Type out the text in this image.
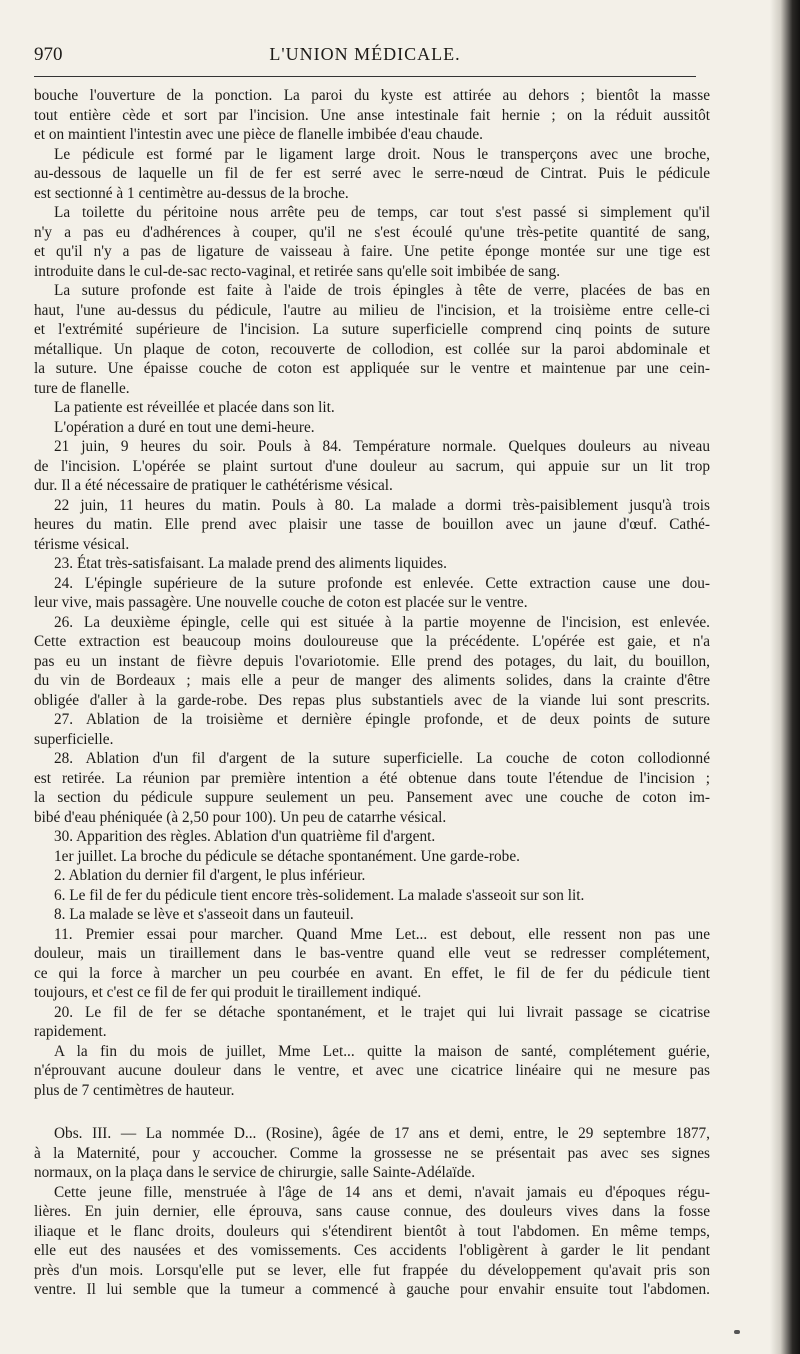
970	L'UNION MÉDICALE.
bouche l'ouverture de la ponction. La paroi du kyste est attirée au dehors ; bientôt la masse
tout entière cède et sort par l'incision. Une anse intestinale fait hernie ; on la réduit aussitôt
et on maintient l'intestin avec une pièce de flanelle imbibée d'eau chaude.
Le pédicule est formé par le ligament large droit. Nous le transperçons avec une broche,
au-dessous de laquelle un fil de fer est serré avec le serre-nœud de Cintrat. Puis le pédicule
est sectionné à 1 centimètre au-dessus de la broche.
La toilette du péritoine nous arrête peu de temps, car tout s'est passé si simplement qu'il
n'y a pas eu d'adhérences à couper, qu'il ne s'est écoulé qu'une très-petite quantité de sang,
et qu'il n'y a pas de ligature de vaisseau à faire. Une petite éponge montée sur une tige est
introduite dans le cul-de-sac recto-vaginal, et retirée sans qu'elle soit imbibée de sang.
La suture profonde est faite à l'aide de trois épingles à tête de verre, placées de bas en
haut, l'une au-dessus du pédicule, l'autre au milieu de l'incision, et la troisième entre celle-ci
et l'extrémité supérieure de l'incision. La suture superficielle comprend cinq points de suture
métallique. Un plaque de coton, recouverte de collodion, est collée sur la paroi abdominale et
la suture. Une épaisse couche de coton est appliquée sur le ventre et maintenue par une cein-
ture de flanelle.
La patiente est réveillée et placée dans son lit.
L'opération a duré en tout une demi-heure.
21 juin, 9 heures du soir. Pouls à 84. Température normale. Quelques douleurs au niveau
de l'incision. L'opérée se plaint surtout d'une douleur au sacrum, qui appuie sur un lit trop
dur. Il a été nécessaire de pratiquer le cathétérisme vésical.
22 juin, 11 heures du matin. Pouls à 80. La malade a dormi très-paisiblement jusqu'à trois
heures du matin. Elle prend avec plaisir une tasse de bouillon avec un jaune d'œuf. Cathé-
térisme vésical.
23. État très-satisfaisant. La malade prend des aliments liquides.
24. L'épingle supérieure de la suture profonde est enlevée. Cette extraction cause une dou-
leur vive, mais passagère. Une nouvelle couche de coton est placée sur le ventre.
26. La deuxième épingle, celle qui est située à la partie moyenne de l'incision, est enlevée.
Cette extraction est beaucoup moins douloureuse que la précédente. L'opérée est gaie, et n'a
pas eu un instant de fièvre depuis l'ovariotomie. Elle prend des potages, du lait, du bouillon,
du vin de Bordeaux ; mais elle a peur de manger des aliments solides, dans la crainte d'être
obligée d'aller à la garde-robe. Des repas plus substantiels avec de la viande lui sont prescrits.
27. Ablation de la troisième et dernière épingle profonde, et de deux points de suture
superficielle.
28. Ablation d'un fil d'argent de la suture superficielle. La couche de coton collodionné
est retirée. La réunion par première intention a été obtenue dans toute l'étendue de l'incision ;
la section du pédicule suppure seulement un peu. Pansement avec une couche de coton im-
bibé d'eau phéniquée (à 2,50 pour 100). Un peu de catarrhe vésical.
30. Apparition des règles. Ablation d'un quatrième fil d'argent.
1er juillet. La broche du pédicule se détache spontanément. Une garde-robe.
2. Ablation du dernier fil d'argent, le plus inférieur.
6. Le fil de fer du pédicule tient encore très-solidement. La malade s'asseoit sur son lit.
8. La malade se lève et s'asseoit dans un fauteuil.
11. Premier essai pour marcher. Quand Mme Let... est debout, elle ressent non pas une
douleur, mais un tiraillement dans le bas-ventre quand elle veut se redresser complétement,
ce qui la force à marcher un peu courbée en avant. En effet, le fil de fer du pédicule tient
toujours, et c'est ce fil de fer qui produit le tiraillement indiqué.
20. Le fil de fer se détache spontanément, et le trajet qui lui livrait passage se cicatrise
rapidement.
A la fin du mois de juillet, Mme Let... quitte la maison de santé, complétement guérie,
n'éprouvant aucune douleur dans le ventre, et avec une cicatrice linéaire qui ne mesure pas
plus de 7 centimètres de hauteur.
Obs. III. — La nommée D... (Rosine), âgée de 17 ans et demi, entre, le 29 septembre 1877,
à la Maternité, pour y accoucher. Comme la grossesse ne se présentait pas avec ses signes
normaux, on la plaça dans le service de chirurgie, salle Sainte-Adélaïde.
Cette jeune fille, menstruée à l'âge de 14 ans et demi, n'avait jamais eu d'époques régu-
lières. En juin dernier, elle éprouva, sans cause connue, des douleurs vives dans la fosse
iliaque et le flanc droits, douleurs qui s'étendirent bientôt à tout l'abdomen. En même temps,
elle eut des nausées et des vomissements. Ces accidents l'obligèrent à garder le lit pendant
près d'un mois. Lorsqu'elle put se lever, elle fut frappée du développement qu'avait pris son
ventre. Il lui semble que la tumeur a commencé à gauche pour envahir ensuite tout l'abdomen.
